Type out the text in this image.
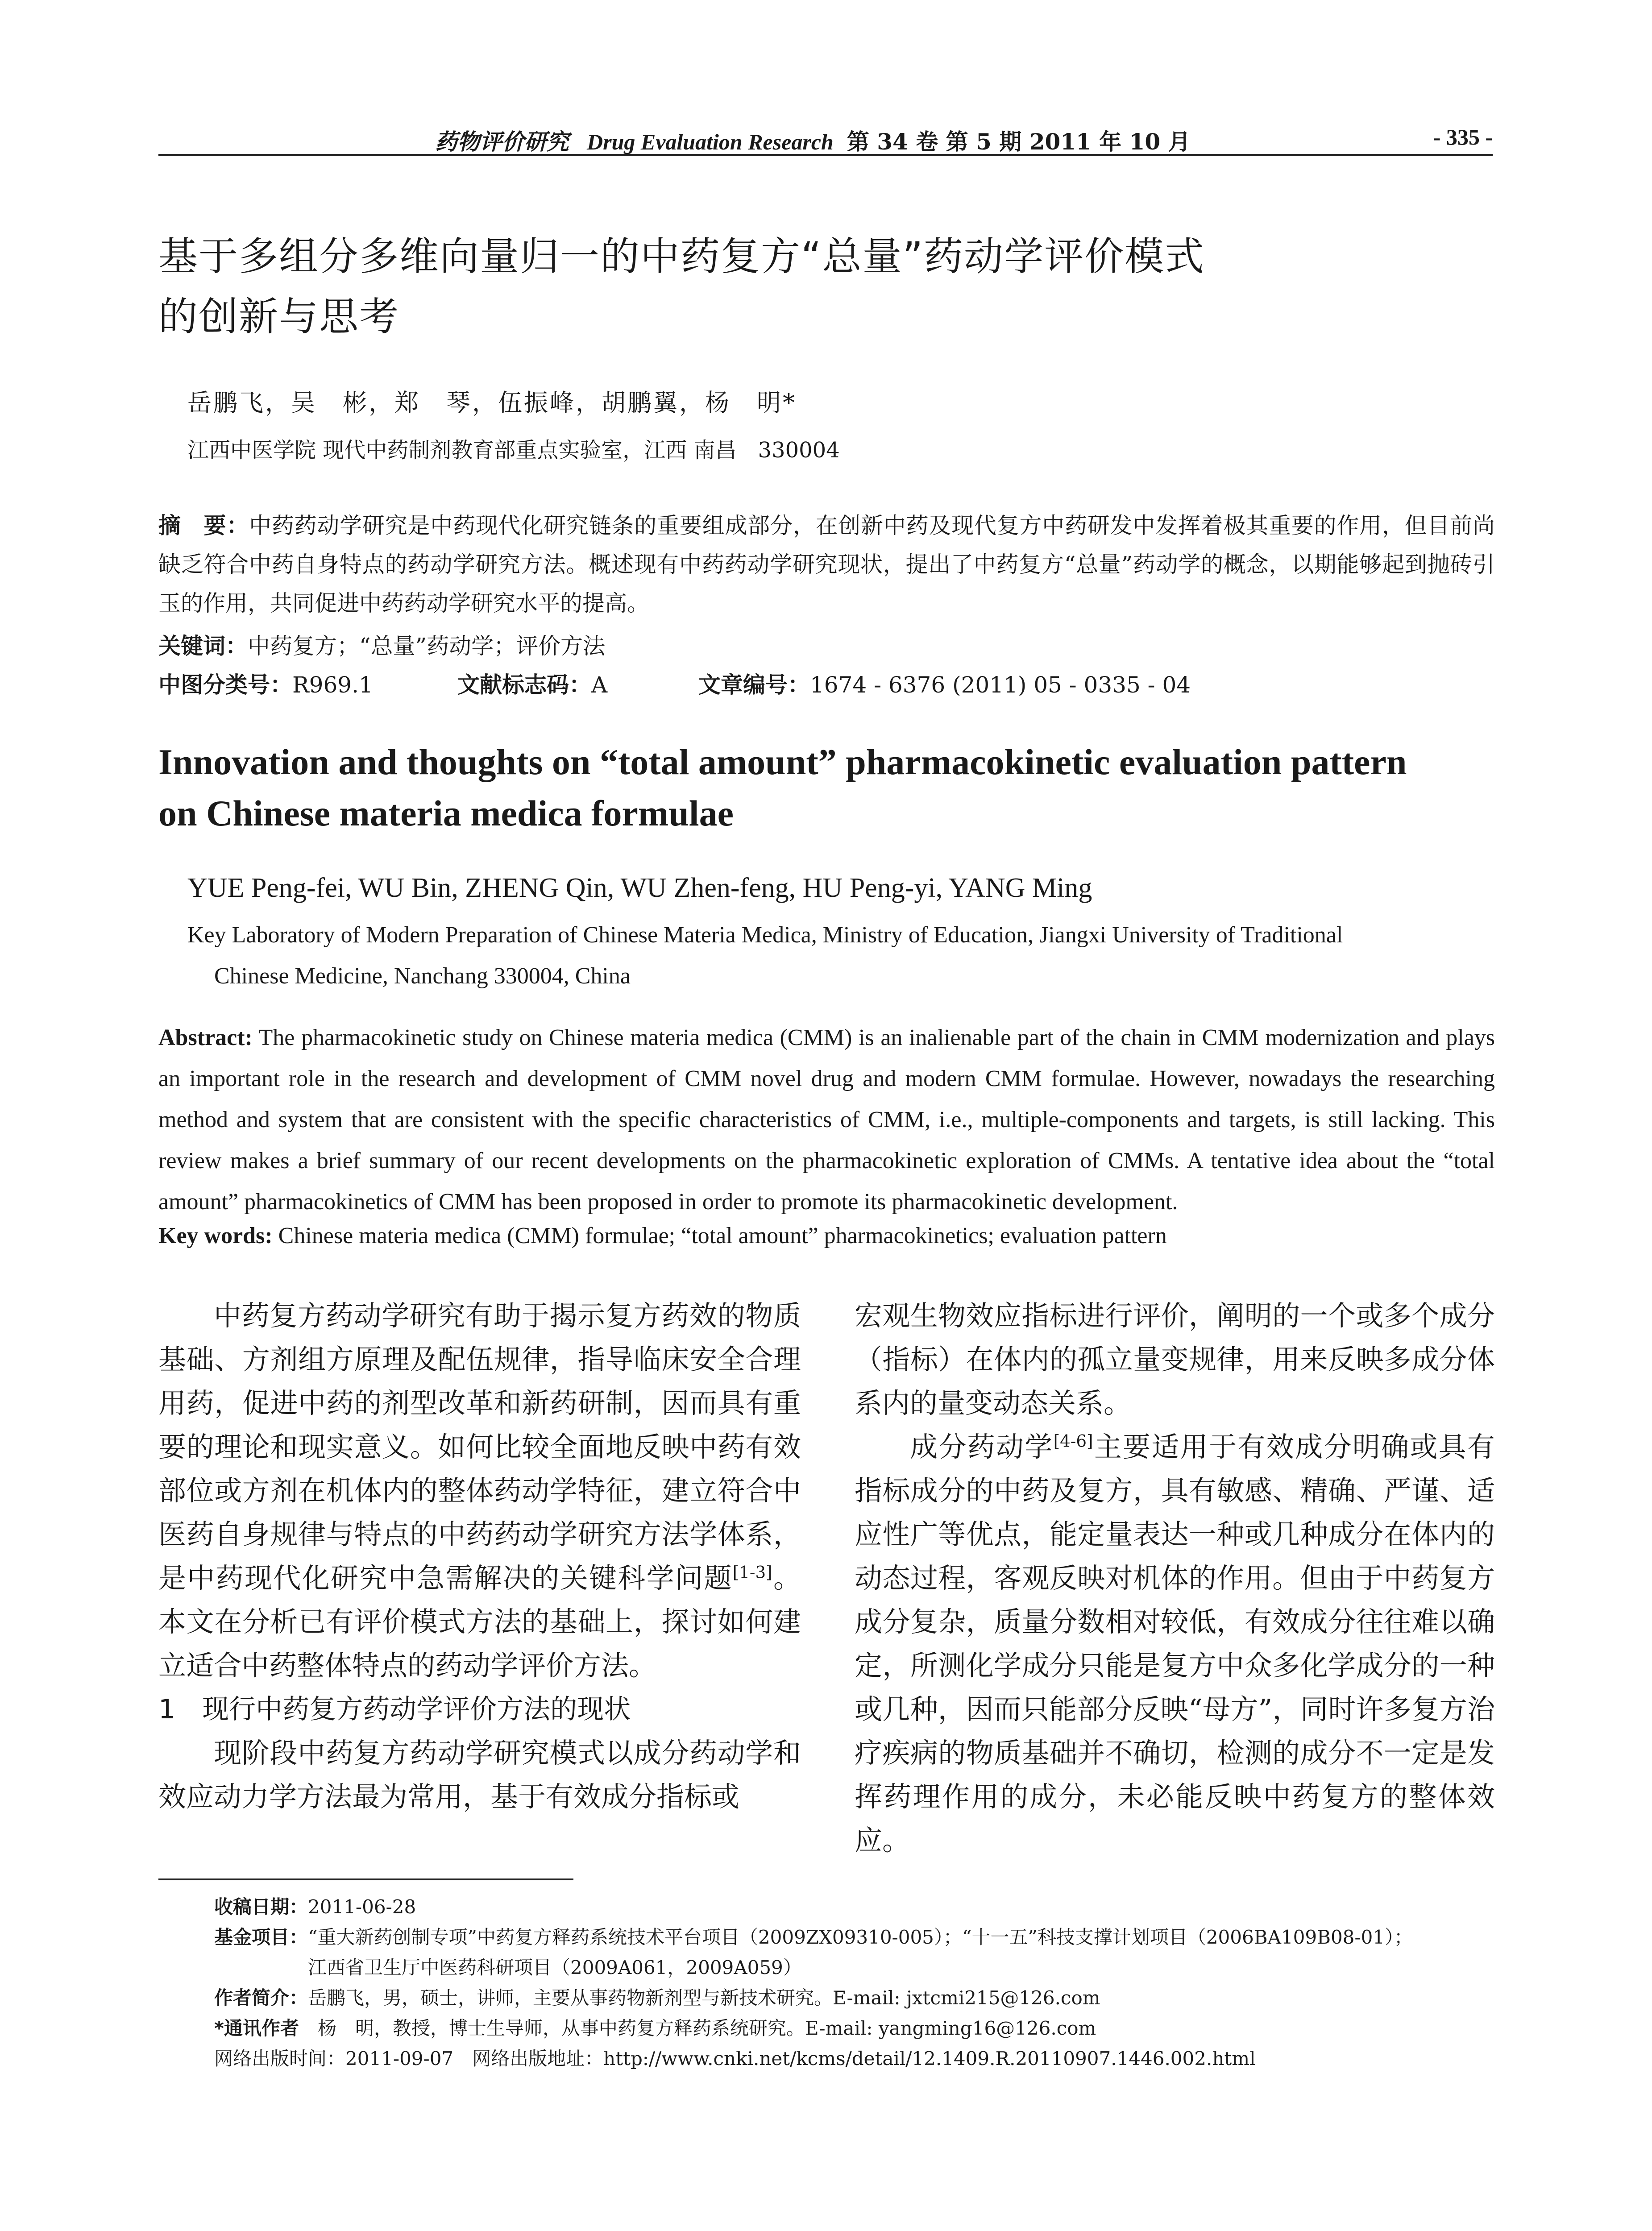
药物评价研究 Drug Evaluation Research 第 34 卷 第 5 期 2011 年 10 月	- 335 -
基于多组分多维向量归一的中药复方“总量”药动学评价模式
的创新与思考
岳鹏飞，吴　彬，郑　琴，伍振峰，胡鹏翼，杨　明*
江西中医学院 现代中药制剂教育部重点实验室，江西 南昌　330004
摘　要：中药药动学研究是中药现代化研究链条的重要组成部分，在创新中药及现代复方中药研发中发挥着极其重要的作用，但目前尚缺乏符合中药自身特点的药动学研究方法。概述现有中药药动学研究现状，提出了中药复方“总量”药动学的概念，以期能够起到抛砖引玉的作用，共同促进中药药动学研究水平的提高。
关键词：中药复方；“总量”药动学；评价方法
中图分类号：R969.1	文献标志码：A	文章编号：1674 - 6376 (2011) 05 - 0335 - 04
Innovation and thoughts on “total amount” pharmacokinetic evaluation pattern
on Chinese materia medica formulae
YUE Peng-fei, WU Bin, ZHENG Qin, WU Zhen-feng, HU Peng-yi, YANG Ming
Key Laboratory of Modern Preparation of Chinese Materia Medica, Ministry of Education, Jiangxi University of Traditional
Chinese Medicine, Nanchang 330004, China
Abstract: The pharmacokinetic study on Chinese materia medica (CMM) is an inalienable part of the chain in CMM modernization and plays an important role in the research and development of CMM novel drug and modern CMM formulae. However, nowadays the researching method and system that are consistent with the specific characteristics of CMM, i.e., multiple-components and targets, is still lacking. This review makes a brief summary of our recent developments on the pharmacokinetic exploration of CMMs. A tentative idea about the “total amount” pharmacokinetics of CMM has been proposed in order to promote its pharmacokinetic development.
Key words: Chinese materia medica (CMM) formulae; “total amount” pharmacokinetics; evaluation pattern

中药复方药动学研究有助于揭示复方药效的物质基础、方剂组方原理及配伍规律，指导临床安全合理用药，促进中药的剂型改革和新药研制，因而具有重要的理论和现实意义。如何比较全面地反映中药有效部位或方剂在机体内的整体药动学特征，建立符合中医药自身规律与特点的中药药动学研究方法学体系，是中药现代化研究中急需解决的关键科学问题[1-3]。本文在分析已有评价模式方法的基础上，探讨如何建立适合中药整体特点的药动学评价方法。

1　现行中药复方药动学评价方法的现状

现阶段中药复方药动学研究模式以成分药动学和效应动力学方法最为常用，基于有效成分指标或

宏观生物效应指标进行评价，阐明的一个或多个成分（指标）在体内的孤立量变规律，用来反映多成分体系内的量变动态关系。

成分药动学[4-6]主要适用于有效成分明确或具有指标成分的中药及复方，具有敏感、精确、严谨、适应性广等优点，能定量表达一种或几种成分在体内的动态过程，客观反映对机体的作用。但由于中药复方成分复杂，质量分数相对较低，有效成分往往难以确定，所测化学成分只能是复方中众多化学成分的一种或几种，因而只能部分反映“母方”，同时许多复方治疗疾病的物质基础并不确切，检测的成分不一定是发挥药理作用的成分，未必能反映中药复方的整体效应。

收稿日期：2011-06-28
基金项目：“重大新药创制专项”中药复方释药系统技术平台项目（2009ZX09310-005）；“十一五”科技支撑计划项目（2006BA109B08-01）；
江西省卫生厅中医药科研项目（2009A061，2009A059）
作者简介：岳鹏飞，男，硕士，讲师，主要从事药物新剂型与新技术研究。E-mail: jxtcmi215@126.com
*通讯作者　杨　明，教授，博士生导师，从事中药复方释药系统研究。E-mail: yangming16@126.com
网络出版时间：2011-09-07　网络出版地址：http://www.cnki.net/kcms/detail/12.1409.R.20110907.1446.002.html
